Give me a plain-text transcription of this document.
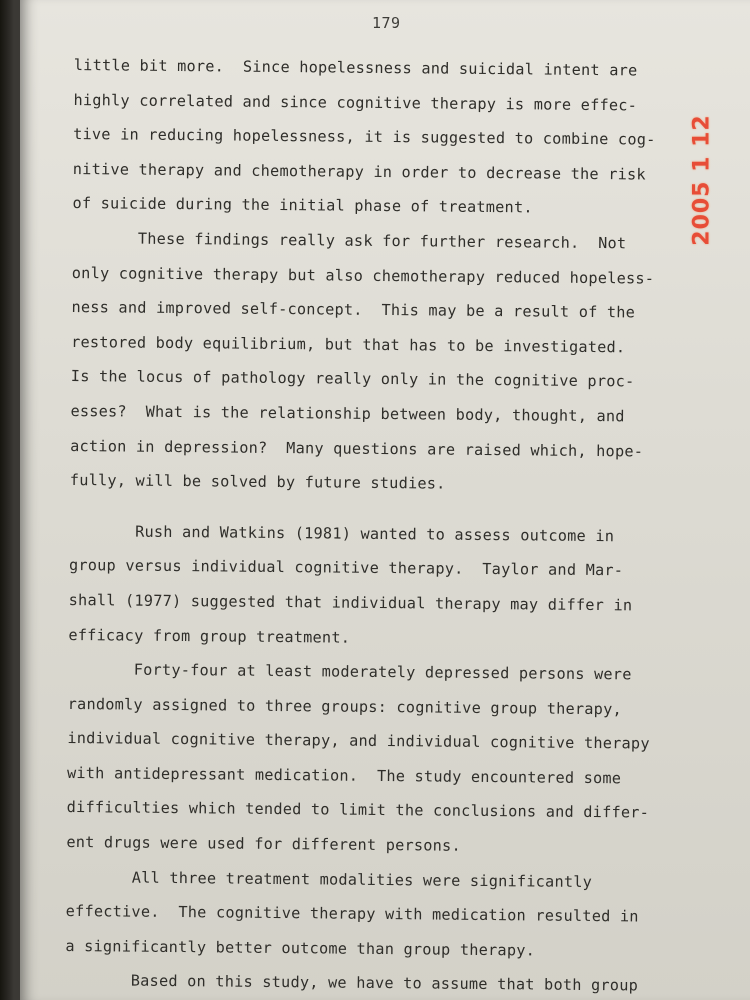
179
little bit more.  Since hopelessness and suicidal intent are
highly correlated and since cognitive therapy is more effec-
tive in reducing hopelessness, it is suggested to combine cog-
nitive therapy and chemotherapy in order to decrease the risk
of suicide during the initial phase of treatment.
These findings really ask for further research.  Not
only cognitive therapy but also chemotherapy reduced hopeless-
ness and improved self-concept.  This may be a result of the
restored body equilibrium, but that has to be investigated.
Is the locus of pathology really only in the cognitive proc-
esses?  What is the relationship between body, thought, and
action in depression?  Many questions are raised which, hope-
fully, will be solved by future studies.
Rush and Watkins (1981) wanted to assess outcome in
group versus individual cognitive therapy.  Taylor and Mar-
shall (1977) suggested that individual therapy may differ in
efficacy from group treatment.
Forty-four at least moderately depressed persons were
randomly assigned to three groups: cognitive group therapy,
individual cognitive therapy, and individual cognitive therapy
with antidepressant medication.  The study encountered some
difficulties which tended to limit the conclusions and differ-
ent drugs were used for different persons.
All three treatment modalities were significantly
effective.  The cognitive therapy with medication resulted in
a significantly better outcome than group therapy.
Based on this study, we have to assume that both group
2005 1 12
